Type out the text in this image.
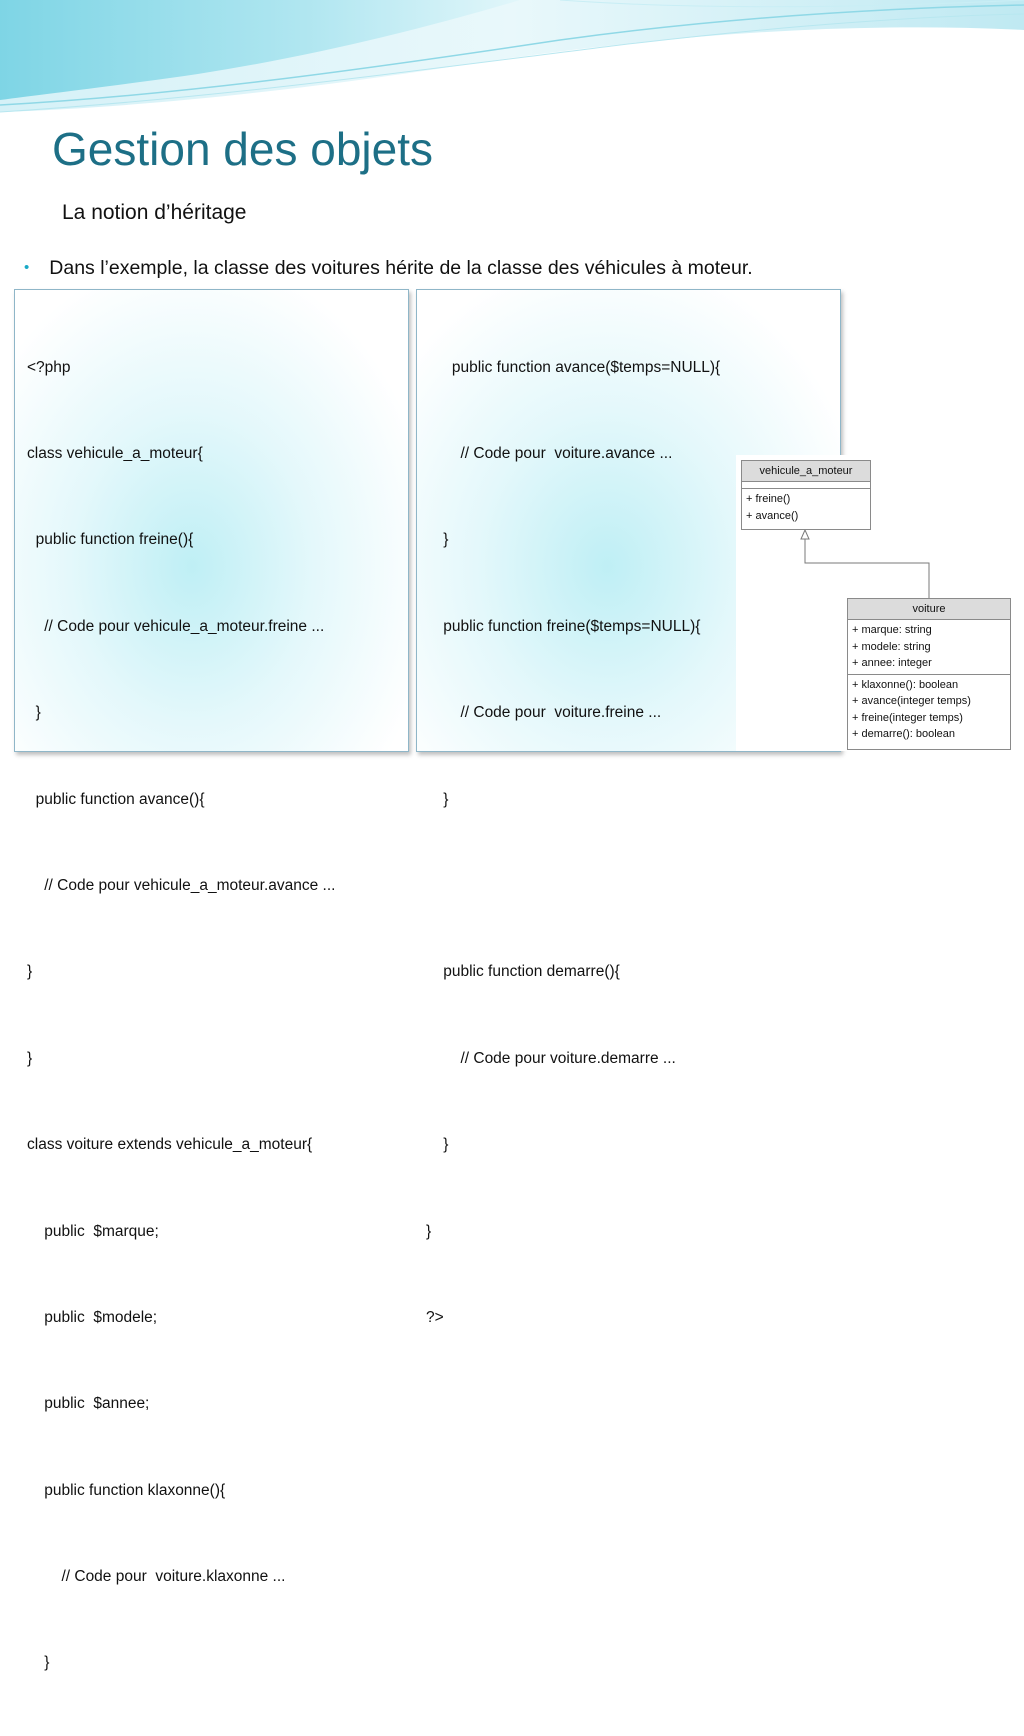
Gestion des objets
La notion d’héritage
• Dans l’exemple, la classe des voitures hérite de la classe des véhicules à moteur.

<?php

class vehicule_a_moteur{

public function freine(){

// Code pour vehicule_a_moteur.freine ...

}

public function avance(){

// Code pour vehicule_a_moteur.avance ...

}

}

class voiture extends vehicule_a_moteur{

public  $marque;

public  $modele;

public  $annee;

public function klaxonne(){

// Code pour  voiture.klaxonne ...

}

public function avance($temps=NULL){

// Code pour  voiture.avance ...

}

public function freine($temps=NULL){

// Code pour  voiture.freine ...

}

public function demarre(){

// Code pour voiture.demarre ...

}

}

?>

vehicule_a_moteur
+ freine()
+ avance()
voiture
+ marque: string
+ modele: string
+ annee: integer
+ klaxonne(): boolean
+ avance(integer temps)
+ freine(integer temps)
+ demarre(): boolean
